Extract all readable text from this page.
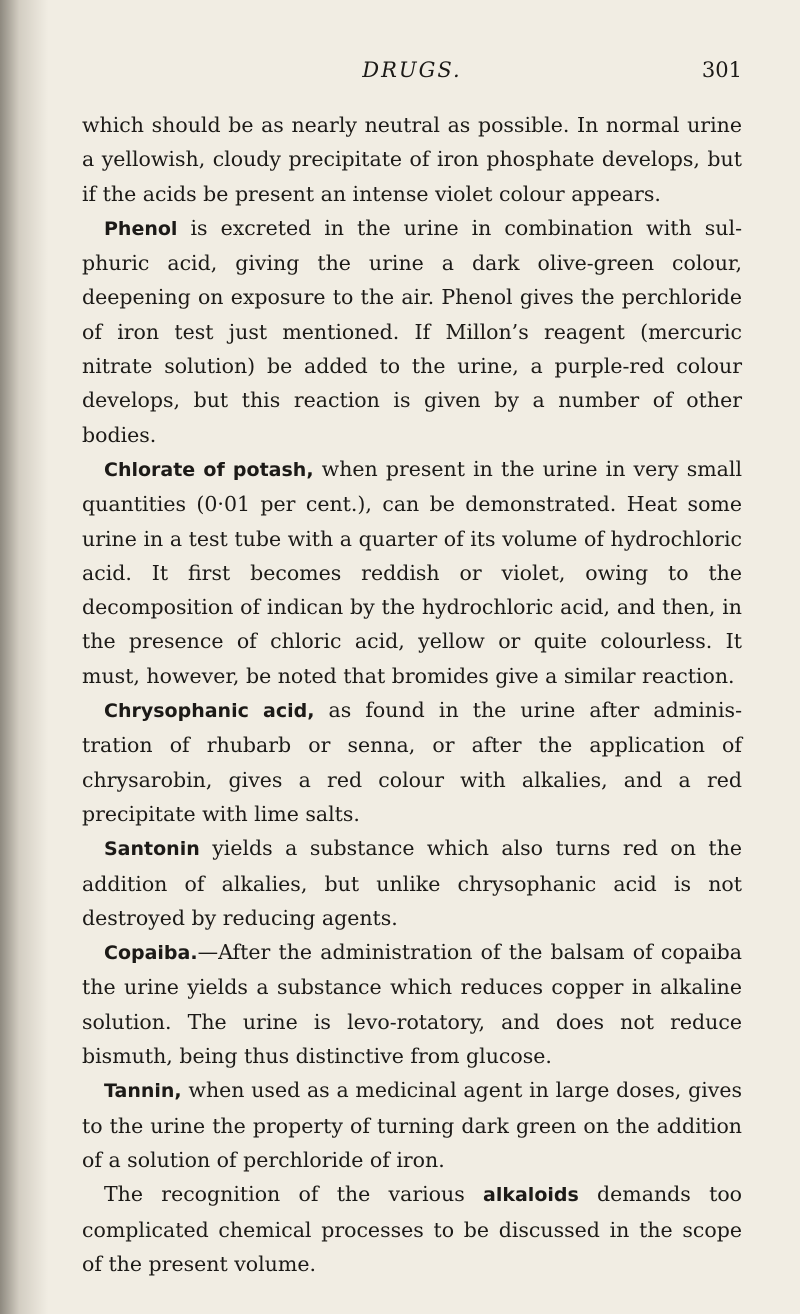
DRUGS.	301

which should be as nearly neutral as possible. In normal urine a yellowish, cloudy precipitate of iron phosphate develops, but if the acids be present an intense violet colour appears.

Phenol is excreted in the urine in combination with sulphuric acid, giving the urine a dark olive-green colour, deepening on exposure to the air. Phenol gives the perchloride of iron test just mentioned. If Millon’s reagent (mercuric nitrate solution) be added to the urine, a purple-red colour develops, but this reaction is given by a number of other bodies.

Chlorate of potash, when present in the urine in very small quantities (0·01 per cent.), can be demonstrated. Heat some urine in a test tube with a quarter of its volume of hydrochloric acid. It first becomes reddish or violet, owing to the decomposition of indican by the hydrochloric acid, and then, in the presence of chloric acid, yellow or quite colourless. It must, however, be noted that bromides give a similar reaction.

Chrysophanic acid, as found in the urine after administration of rhubarb or senna, or after the application of chrysarobin, gives a red colour with alkalies, and a red precipitate with lime salts.

Santonin yields a substance which also turns red on the addition of alkalies, but unlike chrysophanic acid is not destroyed by reducing agents.

Copaiba.—After the administration of the balsam of copaiba the urine yields a substance which reduces copper in alkaline solution. The urine is levo-rotatory, and does not reduce bismuth, being thus distinctive from glucose.

Tannin, when used as a medicinal agent in large doses, gives to the urine the property of turning dark green on the addition of a solution of perchloride of iron.

The recognition of the various alkaloids demands too complicated chemical processes to be discussed in the scope of the present volume.
